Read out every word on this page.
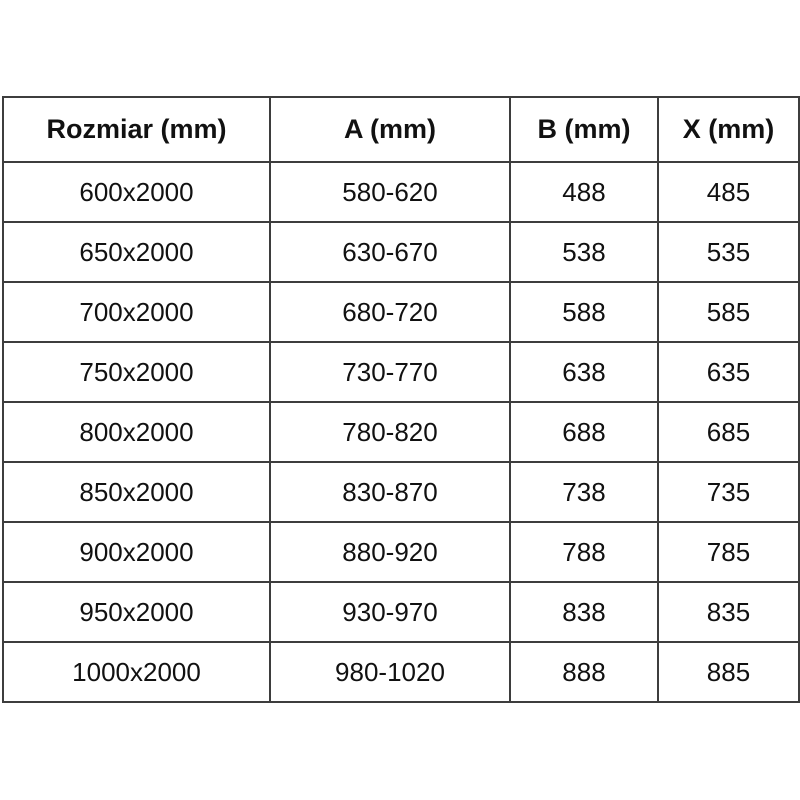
Rozmiar (mm)	A (mm)	B (mm)	X (mm)
600x2000	580-620	488	485
650x2000	630-670	538	535
700x2000	680-720	588	585
750x2000	730-770	638	635
800x2000	780-820	688	685
850x2000	830-870	738	735
900x2000	880-920	788	785
950x2000	930-970	838	835
1000x2000	980-1020	888	885
